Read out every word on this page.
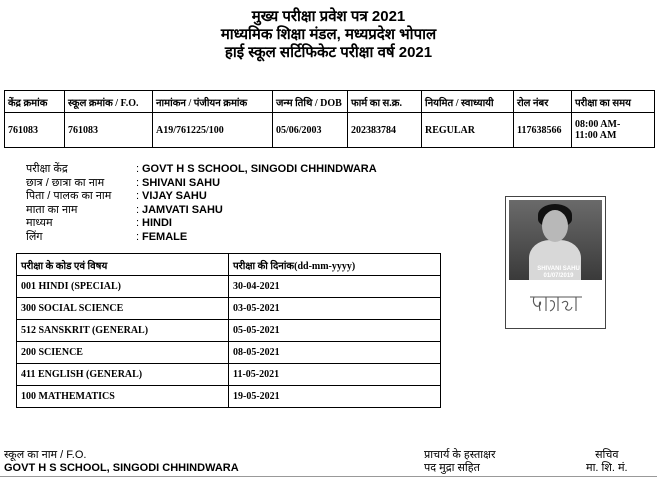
मुख्य परीक्षा प्रवेश पत्र 2021
माध्यमिक शिक्षा मंडल, मध्यप्रदेश भोपाल
हाई स्कूल सर्टिफिकेट परीक्षा वर्ष 2021
केंद्र क्रमांक	स्कूल क्रमांक / F.O.	नामांकन / पंजीयन क्रमांक	जन्म तिथि / DOB	फार्म का स.क्र.	नियमित / स्वाध्यायी	रोल नंबर	परीक्षा का समय
761083	761083	A19/761225/100	05/06/2003	202383784	REGULAR	117638566	08:00 AM-
11:00 AM
परीक्षा केंद्र	: GOVT H S SCHOOL, SINGODI CHHINDWARA
छात्र / छात्रा का नाम	: SHIVANI SAHU
पिता / पालक का नाम	: VIJAY SAHU
माता का नाम	: JAMVATI SAHU
माध्यम	: HINDI
लिंग	: FEMALE
परीक्षा के कोड एवं विषय	परीक्षा की दिनांक(dd-mm-yyyy)
001 HINDI (SPECIAL)	30-04-2021
300 SOCIAL SCIENCE	03-05-2021
512 SANSKRIT (GENERAL)	05-05-2021
200 SCIENCE	08-05-2021
411 ENGLISH (GENERAL)	11-05-2021
100 MATHEMATICS	19-05-2021
SHIVANI SAHU
01/07/2019
स्कूल का नाम / F.O.
GOVT H S SCHOOL, SINGODI CHHINDWARA
प्राचार्य के हस्ताक्षर
पद मुद्रा सहित
सचिव
मा. शि. मं.
